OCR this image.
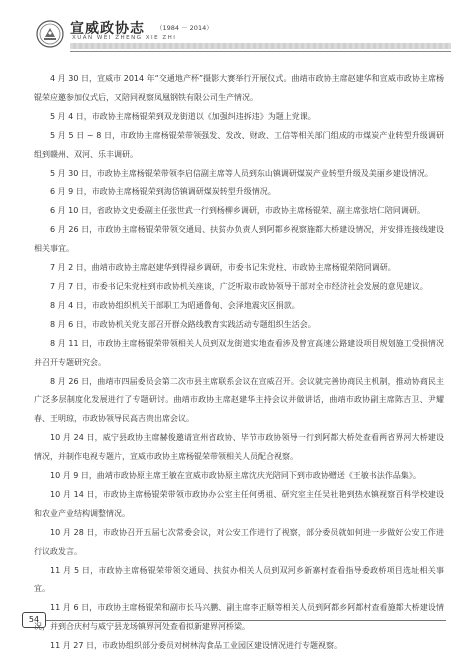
宣威政协志 （1984 － 2014）
XUAN WEI ZHENG XIE ZHI

4 月 30 日，宣威市 2014 年“交通地产杯”摄影大赛举行开展仪式。曲靖市政协主席赵建华和宣威市政协主席杨锟荣应邀参加仪式后，又陪同视察凤凰钢铁有限公司生产情况。

5 月 4 日，市政协主席杨锟荣到双龙街道以《加强纠违拆违》为题上党课。

5 月 5 日 ~ 8 日，市政协主席杨锟荣带领强发、发改、财政、工信等相关部门组成的市煤炭产业转型升级调研组到赣州、双河、乐丰调研。

5 月 30 日，市政协主席杨锟荣带领李启信副主席等人员到东山镇调研煤炭产业转型升级及美丽乡建设情况。

6 月 9 日，市政协主席杨锟荣到海岱镇调研煤炭转型升级情况。

6 月 10 日，省政协文史委副主任张世武一行到杨柳乡调研，市政协主席杨锟荣、副主席张培仁陪同调研。

6 月 26 日，市政协主席杨锟荣带领交通局、扶贫办负责人到阿都乡视察施都大桥建设情况，并安排连接线建设相关事宜。

7 月 2 日，曲靖市政协主席赵建华到得禄乡调研，市委书记朱党柱、市政协主席杨锟荣陪同调研。

7 月 7 日，市委书记朱党柱到市政协机关座谈，广泛听取市政协领导干部对全市经济社会发展的意见建议。

8 月 4 日，市政协组织机关干部职工为昭通鲁甸、会泽地震灾区捐款。

8 月 6 日，市政协机关党支部召开群众路线教育实践活动专题组织生活会。

8 月 11 日，市政协主席杨锟荣带领相关人员到双龙街道实地查看涉及曾宣高速公路建设项目规划施工受损情况并召开专题研究会。

8 月 26 日，曲靖市四届委员会第二次市县主席联系会议在宣威召开。会议就完善协商民主机制，推动协商民主广泛多层制度化发展进行了专题研讨。曲靖市政协主席赵建华主持会议并做讲话，曲靖市政协副主席陈吉卫、尹耀春、王明琼，市政协领导民高吉贵出席会议。

10 月 24 日，威宁县政协主席赫俊邀请宣州省政协、毕节市政协领导一行到阿都大桥处查看两省界河大桥建设情况，并制作电视专题片，宣威市政协主席杨锟荣带领相关人员配合视察。

10 月 9 日，曲靖市政协原主席王敏在宣威市政协原主席沈庆光陪同下到市政协赠送《王敏书法作品集》。

10 月 14 日，市政协主席杨锟荣带领市政协办公室主任何勇祖、研究室主任吴社艳到热水镇视察百科学校建设和农业产业结构调整情况。

10 月 28 日，市政协召开五届七次常委会议，对公安工作进行了视察，部分委员就如何进一步做好公安工作进行议政发言。

11 月 5 日，市政协主席杨锟荣带领交通局、扶贫办相关人员到双河乡新寨村查看指导委政桥项目选址相关事宜。

11 月 6 日，市政协主席杨锟荣和副市长马兴鹏、副主席李正顺等相关人员到阿都乡阿都村查看施都大桥建设情况，并到合庆村与威宁县龙场镇界河处查看拟新建界河桥梁。

11 月 27 日，市政协组织部分委员对树林沟食品工业园区建设情况进行专题视察。

54
